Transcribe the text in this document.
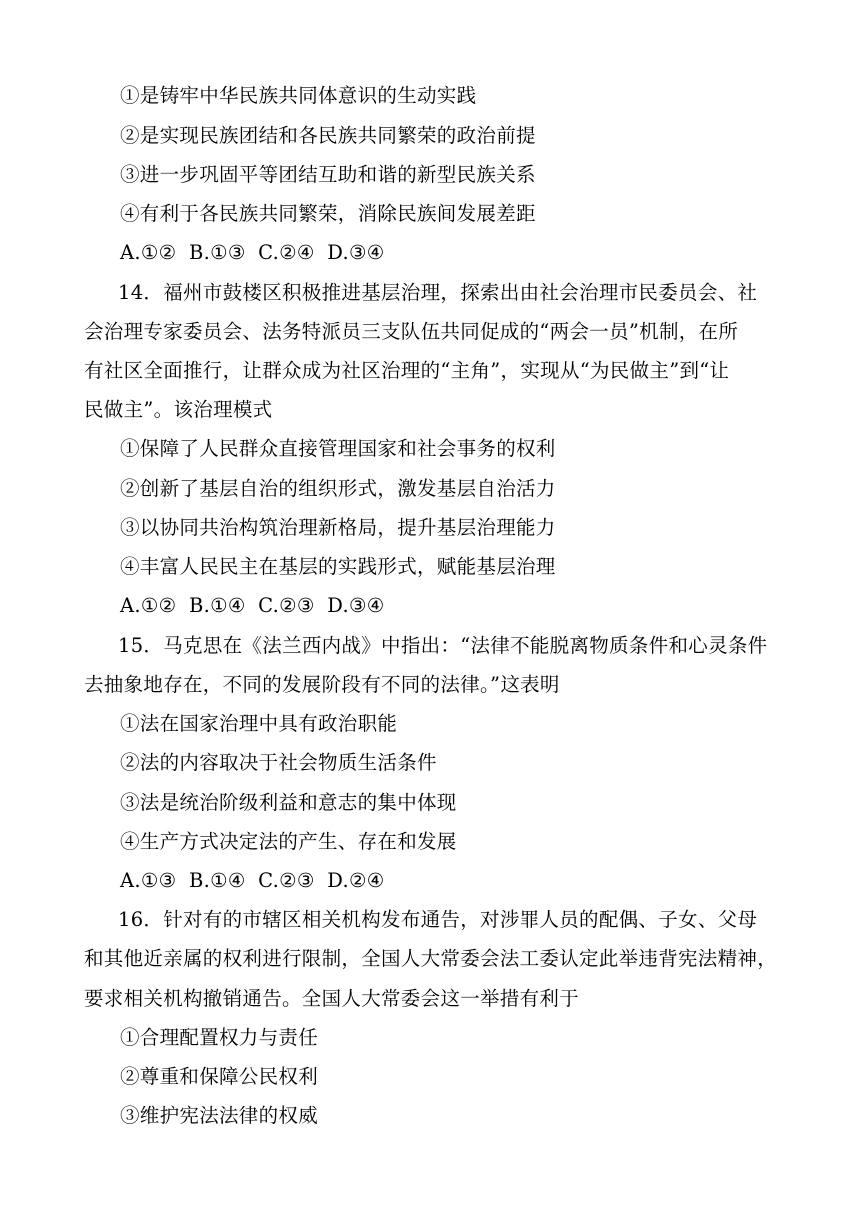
①是铸牢中华民族共同体意识的生动实践
②是实现民族团结和各民族共同繁荣的政治前提
③进一步巩固平等团结互助和谐的新型民族关系
④有利于各民族共同繁荣，消除民族间发展差距
A.①② B.①③ C.②④ D.③④
14．福州市鼓楼区积极推进基层治理，探索出由社会治理市民委员会、社
会治理专家委员会、法务特派员三支队伍共同促成的“两会一员”机制，在所
有社区全面推行，让群众成为社区治理的“主角”，实现从“为民做主”到“让
民做主”。该治理模式
①保障了人民群众直接管理国家和社会事务的权利
②创新了基层自治的组织形式，激发基层自治活力
③以协同共治构筑治理新格局，提升基层治理能力
④丰富人民民主在基层的实践形式，赋能基层治理
A.①② B.①④ C.②③ D.③④
15．马克思在《法兰西内战》中指出：“法律不能脱离物质条件和心灵条件
去抽象地存在，不同的发展阶段有不同的法律。”这表明
①法在国家治理中具有政治职能
②法的内容取决于社会物质生活条件
③法是统治阶级利益和意志的集中体现
④生产方式决定法的产生、存在和发展
A.①③ B.①④ C.②③ D.②④
16．针对有的市辖区相关机构发布通告，对涉罪人员的配偶、子女、父母
和其他近亲属的权利进行限制，全国人大常委会法工委认定此举违背宪法精神，
要求相关机构撤销通告。全国人大常委会这一举措有利于
①合理配置权力与责任
②尊重和保障公民权利
③维护宪法法律的权威
